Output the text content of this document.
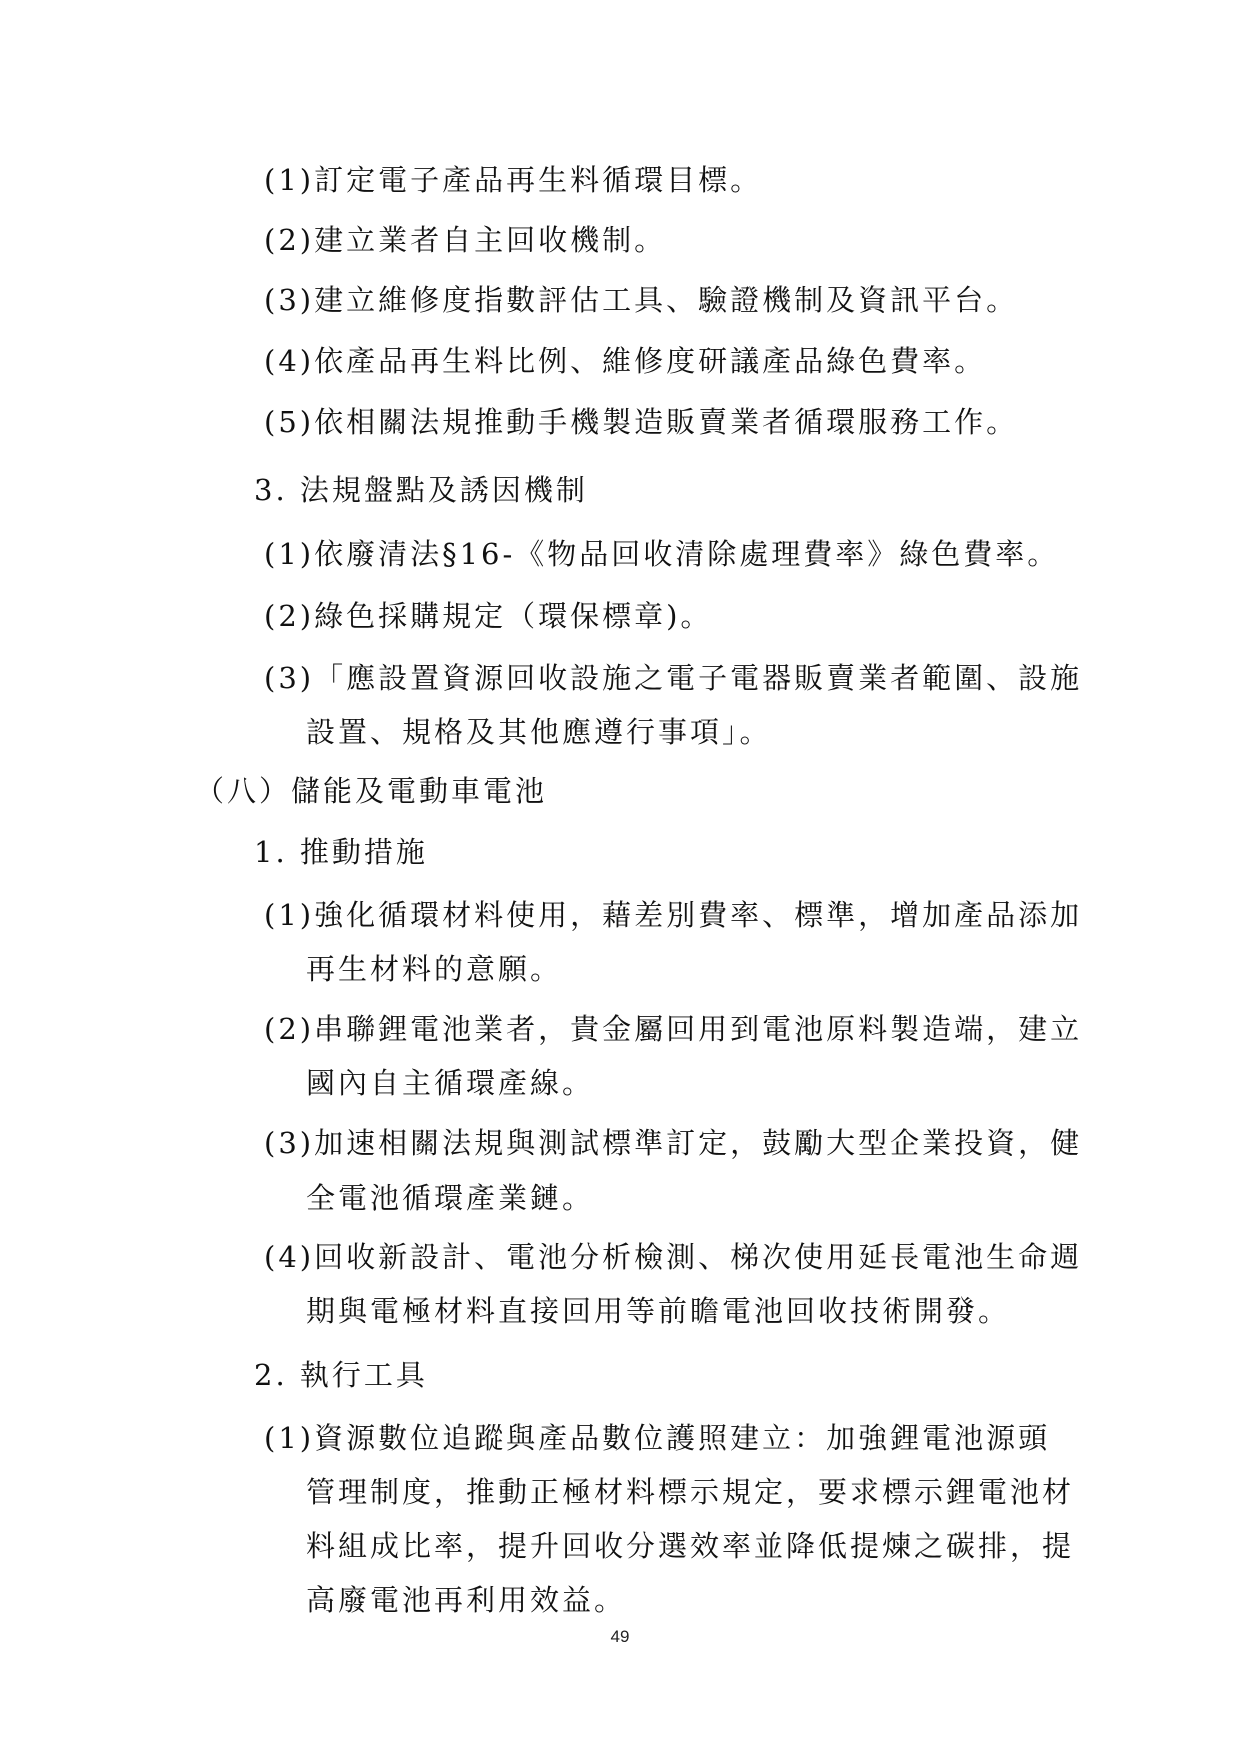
(1)訂定電子產品再生料循環目標。
(2)建立業者自主回收機制。
(3)建立維修度指數評估工具、驗證機制及資訊平台。
(4)依產品再生料比例、維修度研議產品綠色費率。
(5)依相關法規推動手機製造販賣業者循環服務工作。
3. 法規盤點及誘因機制
(1)依廢清法§16-《物品回收清除處理費率》綠色費率。
(2)綠色採購規定（環保標章)。
(3)「應設置資源回收設施之電子電器販賣業者範圍、設施
設置、規格及其他應遵行事項」。
（八）儲能及電動車電池
1. 推動措施
(1)強化循環材料使用，藉差別費率、標準，增加產品添加
再生材料的意願。
(2)串聯鋰電池業者，貴金屬回用到電池原料製造端，建立
國內自主循環產線。
(3)加速相關法規與測試標準訂定，鼓勵大型企業投資，健
全電池循環產業鏈。
(4)回收新設計、電池分析檢測、梯次使用延長電池生命週
期與電極材料直接回用等前瞻電池回收技術開發。
2. 執行工具
(1)資源數位追蹤與產品數位護照建立：加強鋰電池源頭
管理制度，推動正極材料標示規定，要求標示鋰電池材
料組成比率，提升回收分選效率並降低提煉之碳排，提
高廢電池再利用效益。
49
